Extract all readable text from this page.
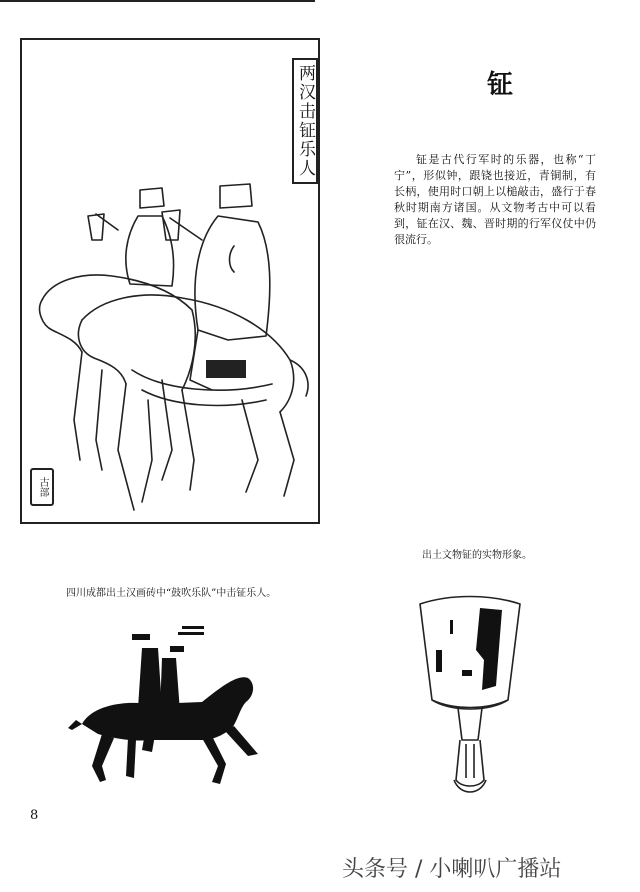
两汉击钲乐人
古部
钲

钲是古代行军时的乐器，也称“丁宁”，形似钟，跟铙也接近，青铜制，有长柄，使用时口朝上以槌敲击，盛行于春秋时期南方诸国。从文物考古中可以看到，钲在汉、魏、晋时期的行军仪仗中仍很流行。

出土文物钲的实物形象。
四川成都出土汉画砖中“鼓吹乐队”中击钲乐人。
8
头条号 / 小喇叭广播站
